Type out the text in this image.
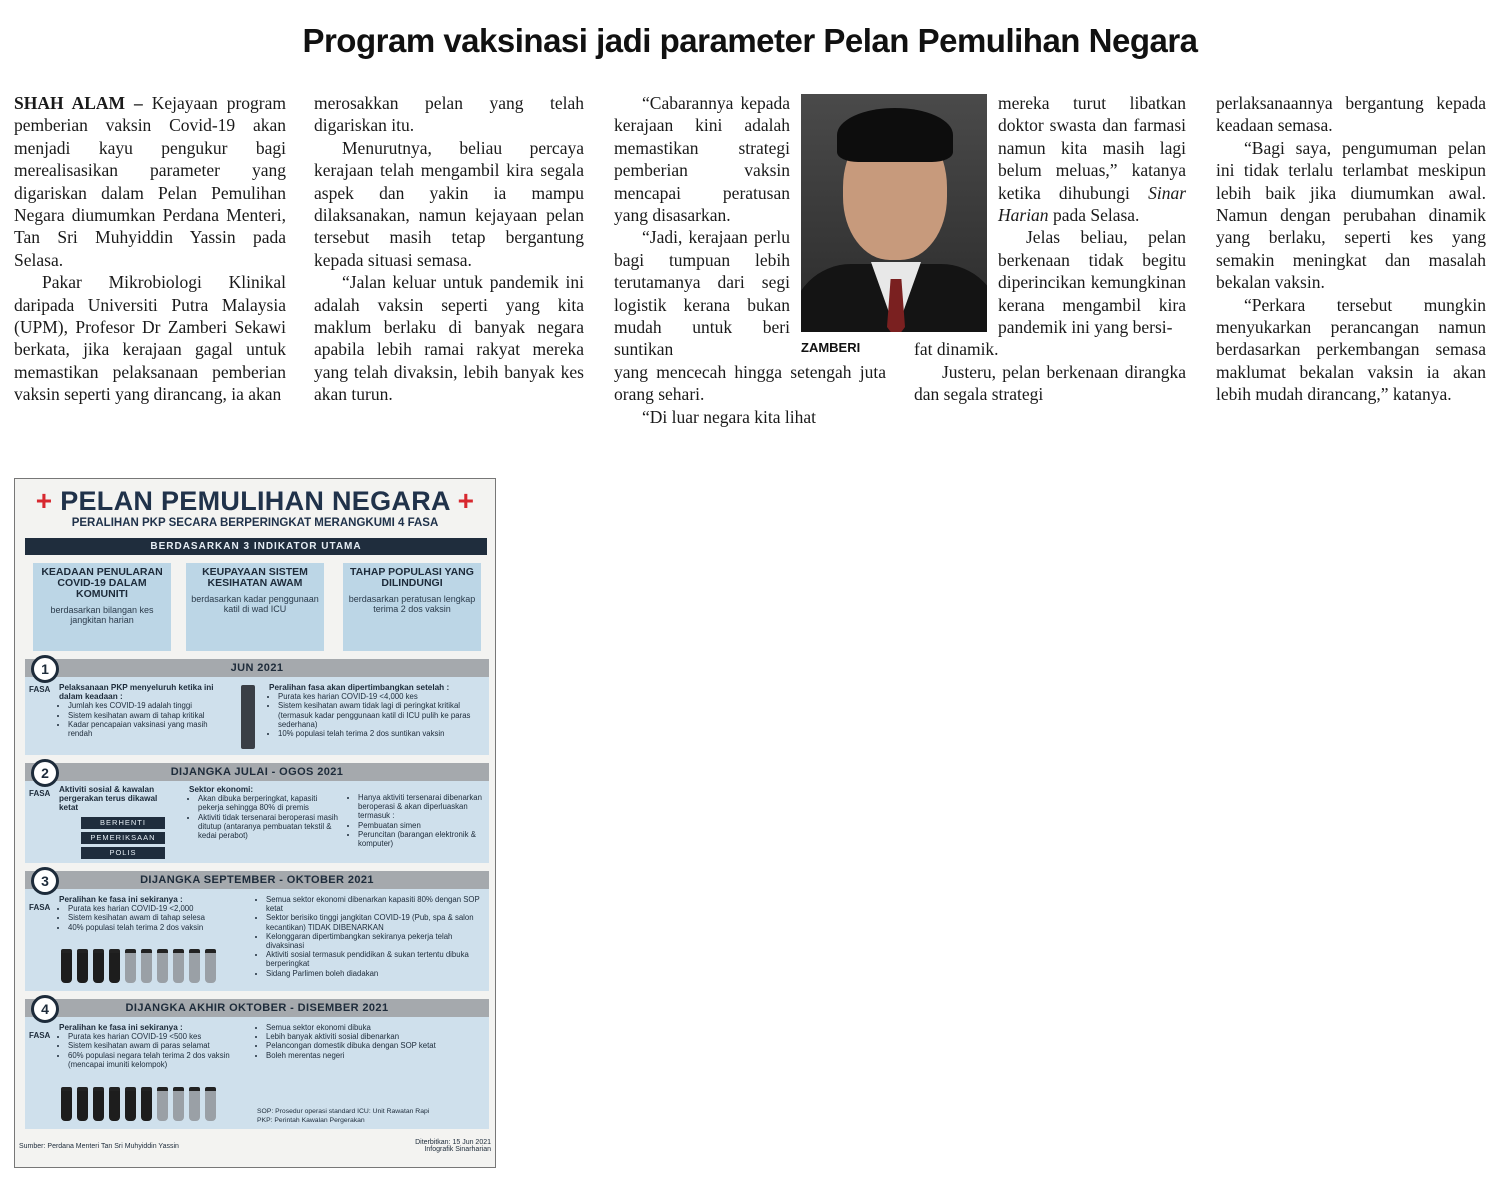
Program vaksinasi jadi parameter Pelan Pemulihan Negara

SHAH ALAM – Kejayaan program pemberian vaksin Covid-19 akan menjadi kayu pengukur bagi merealisasikan parameter yang digariskan dalam Pelan Pemulihan Negara diumumkan Perdana Menteri, Tan Sri Muhyiddin Yassin pada Selasa.

Pakar Mikrobiologi Klinikal daripada Universiti Putra Malaysia (UPM), Profesor Dr Zamberi Sekawi berkata, jika kerajaan gagal untuk memastikan pelaksanaan pemberian vaksin seperti yang dirancang, ia akan

merosakkan pelan yang telah digariskan itu.

Menurutnya, beliau percaya kerajaan telah mengambil kira segala aspek dan yakin ia mampu dilaksanakan, namun kejayaan pelan tersebut masih tetap bergantung kepada situasi semasa.

“Jalan keluar untuk pandemik ini adalah vaksin seperti yang kita maklum berlaku di banyak negara apabila lebih ramai rakyat mereka yang telah divaksin, lebih banyak kes akan turun.

“Cabarannya kepada kerajaan kini adalah memastikan strategi pemberian vaksin mencapai peratusan yang disasarkan.

“Jadi, kerajaan perlu bagi tumpuan lebih terutamanya dari segi logistik kerana bukan mudah untuk beri suntikan

yang mencecah hingga setengah juta orang sehari.

“Di luar negara kita lihat

ZAMBERI

mereka turut libatkan doktor swasta dan farmasi namun kita masih lagi belum meluas,” katanya ketika dihubungi Sinar Harian pada Selasa.

Jelas beliau, pelan berkenaan tidak begitu diperincikan kemungkinan kerana mengambil kira pandemik ini yang bersi-

fat dinamik.

Justeru, pelan berkenaan dirangka dan segala strategi

perlaksanaannya bergantung kepada keadaan semasa.

“Bagi saya, pengumuman pelan ini tidak terlalu terlambat meskipun lebih baik jika diumumkan awal. Namun dengan perubahan dinamik yang berlaku, seperti kes yang semakin meningkat dan masalah bekalan vaksin.

“Perkara tersebut mungkin menyukarkan perancangan namun berdasarkan perkembangan semasa maklumat bekalan vaksin ia akan lebih mudah dirancang,” katanya.

+ PELAN PEMULIHAN NEGARA +
PERALIHAN PKP SECARA BERPERINGKAT MERANGKUMI 4 FASA
BERDASARKAN 3 INDIKATOR UTAMA
KEADAAN PENULARAN COVID-19 DALAM KOMUNITI
berdasarkan bilangan kes jangkitan harian
KEUPAYAAN SISTEM KESIHATAN AWAM
berdasarkan kadar penggunaan katil di wad ICU
TAHAP POPULASI YANG DILINDUNGI
berdasarkan peratusan lengkap terima 2 dos vaksin
JUN 2021
1
FASA Pelaksanaan PKP menyeluruh ketika ini dalam keadaan :
• Jumlah kes COVID-19 adalah tinggi
• Sistem kesihatan awam di tahap kritikal
• Kadar pencapaian vaksinasi yang masih rendah
Peralihan fasa akan dipertimbangkan setelah :
• Purata kes harian COVID-19 <4,000 kes
• Sistem kesihatan awam tidak lagi di peringkat kritikal (termasuk kadar penggunaan katil di ICU pulih ke paras sederhana)
• 10% populasi telah terima 2 dos suntikan vaksin
DIJANGKA JULAI - OGOS 2021
2
FASA Aktiviti sosial & kawalan pergerakan terus dikawal ketat
BERHENTI
PEMERIKSAAN
POLIS
Sektor ekonomi:
• Akan dibuka berperingkat, kapasiti pekerja sehingga 80% di premis
• Aktiviti tidak tersenarai beroperasi masih ditutup (antaranya pembuatan tekstil & kedai perabot)
• Hanya aktiviti tersenarai dibenarkan beroperasi & akan diperluaskan termasuk :
• Pembuatan simen
• Peruncitan (barangan elektronik & komputer)
DIJANGKA SEPTEMBER - OKTOBER 2021
3
FASA
Peralihan ke fasa ini sekiranya :
• Purata kes harian COVID-19 <2,000
• Sistem kesihatan awam di tahap selesa
• 40% populasi telah terima 2 dos vaksin
• Semua sektor ekonomi dibenarkan kapasiti 80% dengan SOP ketat
• Sektor berisiko tinggi jangkitan COVID-19 (Pub, spa & salon kecantikan) TIDAK DIBENARKAN
• Kelonggaran dipertimbangkan sekiranya pekerja telah divaksinasi
• Aktiviti sosial termasuk pendidikan & sukan tertentu dibuka berperingkat
• Sidang Parlimen boleh diadakan
DIJANGKA AKHIR OKTOBER - DISEMBER 2021
4
FASA
Peralihan ke fasa ini sekiranya :
• Purata kes harian COVID-19 <500 kes
• Sistem kesihatan awam di paras selamat
• 60% populasi negara telah terima 2 dos vaksin (mencapai imuniti kelompok)
• Semua sektor ekonomi dibuka
• Lebih banyak aktiviti sosial dibenarkan
• Pelancongan domestik dibuka dengan SOP ketat
• Boleh merentas negeri
SOP: Prosedur operasi standard ICU: Unit Rawatan Rapi
PKP: Perintah Kawalan Pergerakan
Sumber: Perdana Menteri Tan Sri Muhyiddin Yassin
Diterbitkan: 15 Jun 2021
Infografik Sinarharian
